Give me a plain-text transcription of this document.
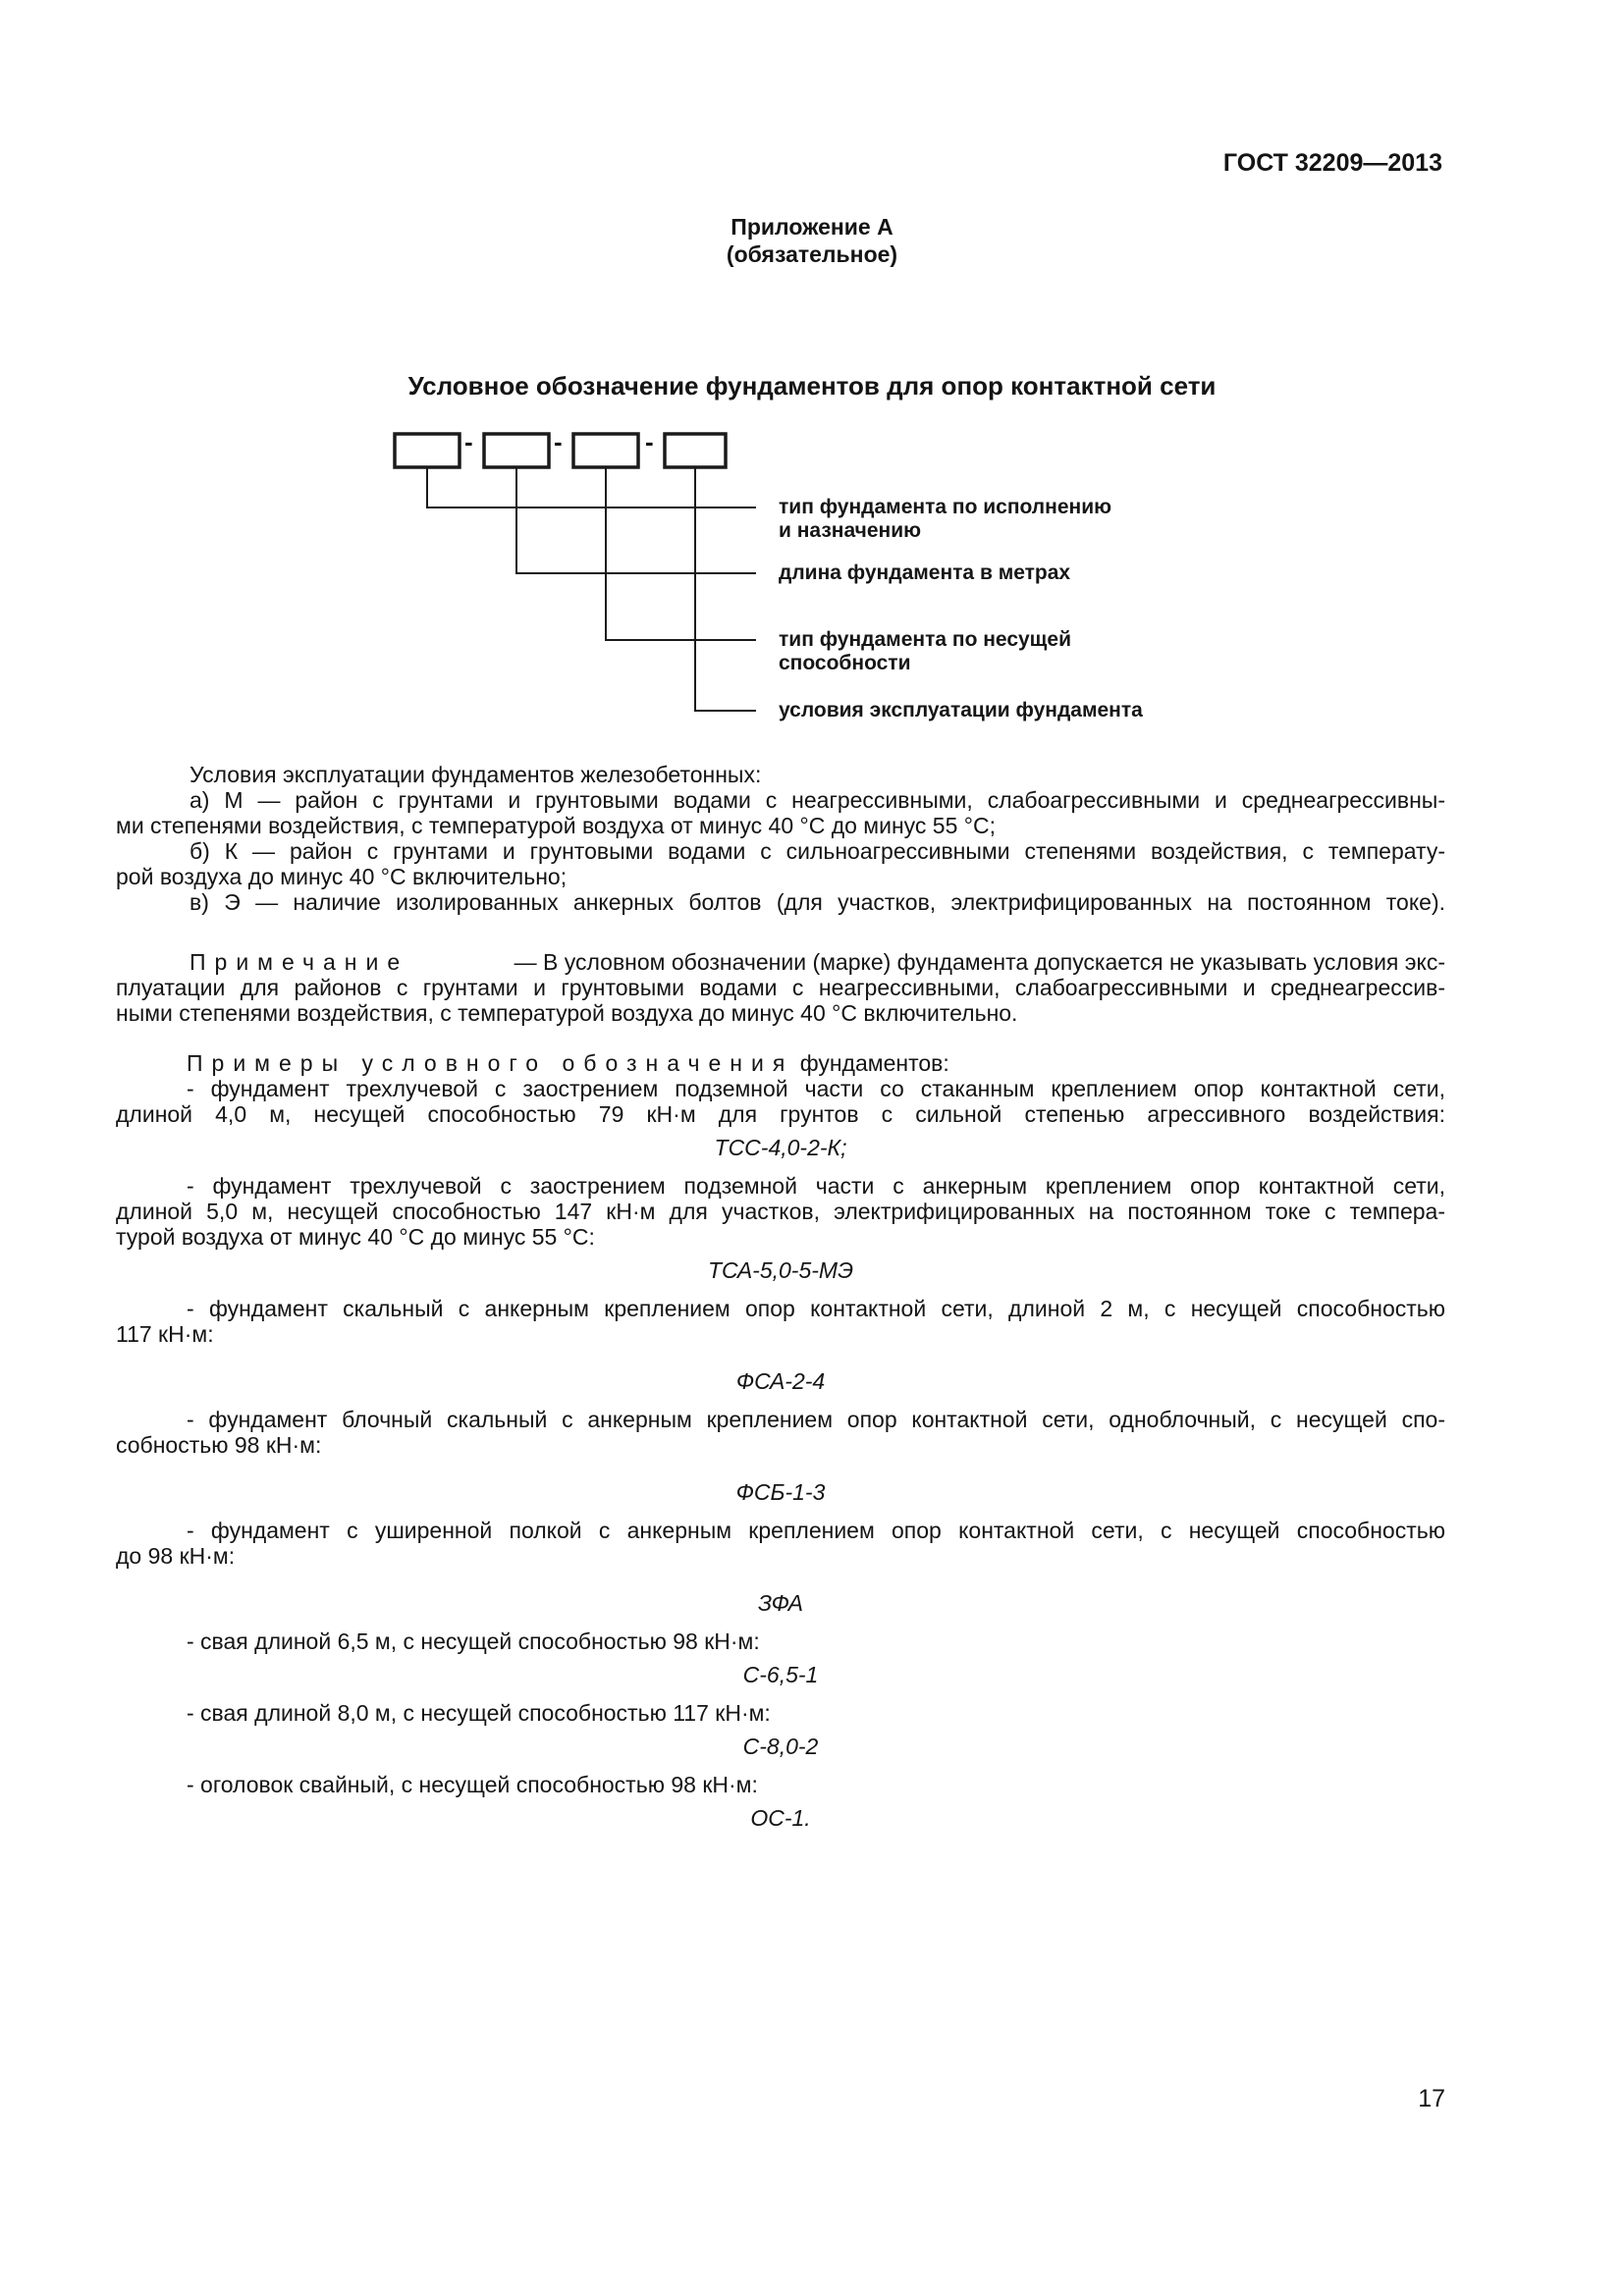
ГОСТ 32209—2013
Приложение А
(обязательное)
Условное обозначение фундаментов для опор контактной сети
-	-	-
тип фундамента по исполнению
и назначению
длина фундамента в метрах
тип фундамента по несущей
способности
условия эксплуатации фундамента
Условия эксплуатации фундаментов железобетонных:
а) М — район с грунтами и грунтовыми водами с неагрессивными, слабоагрессивными и среднеагрессивны-
ми степенями воздействия, с температурой воздуха от минус 40 °С до минус 55 °С;
б) К — район с грунтами и грунтовыми водами с сильноагрессивными степенями воздействия, с температу-
рой воздуха до минус 40 °С включительно;
в) Э — наличие изолированных анкерных болтов (для участков, электрифицированных на постоянном токе).
Примечание	— В условном обозначении (марке) фундамента допускается не указывать условия экс-
плуатации для районов с грунтами и грунтовыми водами с неагрессивными, слабоагрессивными и среднеагрессив-
ными степенями воздействия, с температурой воздуха до минус 40 °С включительно.
Примеры условного обозначения фундаментов:
- фундамент трехлучевой с заострением подземной части со стаканным креплением опор контактной сети,
длиной 4,0 м, несущей способностью 79 кН·м для грунтов с сильной степенью агрессивного воздействия:
ТСС-4,0-2-К;
- фундамент трехлучевой с заострением подземной части с анкерным креплением опор контактной сети,
длиной 5,0 м, несущей способностью 147 кН·м для участков, электрифицированных на постоянном токе с темпера-
турой воздуха от минус 40 °С до минус 55 °С:
ТСА-5,0-5-МЭ
- фундамент скальный с анкерным креплением опор контактной сети, длиной 2 м, с несущей способностью
117 кН·м:
ФСА-2-4
- фундамент блочный скальный с анкерным креплением опор контактной сети, одноблочный, с несущей спо-
собностью 98 кН·м:
ФСБ-1-3
- фундамент с уширенной полкой с анкерным креплением опор контактной сети, с несущей способностью
до 98 кН·м:
ЗФА
- свая длиной 6,5 м, с несущей способностью 98 кН·м:
С-6,5-1
- свая длиной 8,0 м, с несущей способностью 117 кН·м:
С-8,0-2
- оголовок свайный, с несущей способностью 98 кН·м:
ОС-1.
17
